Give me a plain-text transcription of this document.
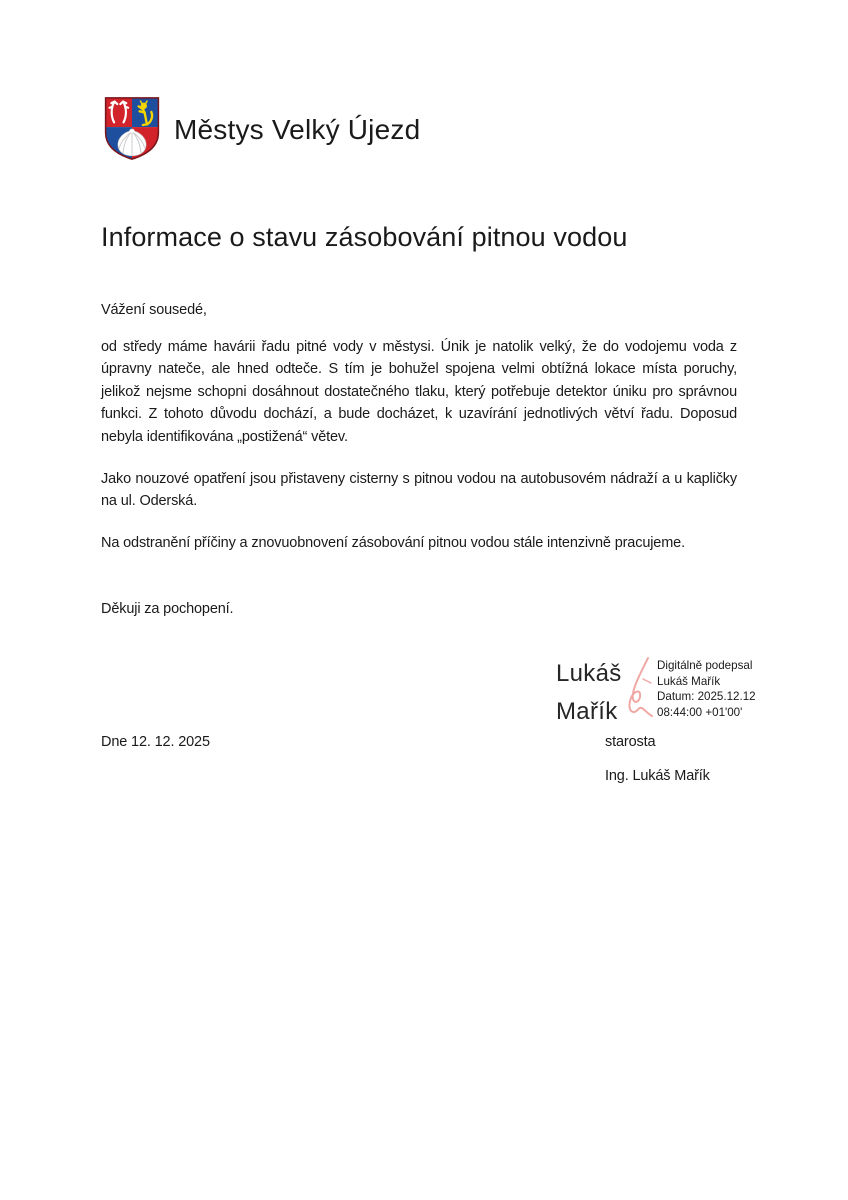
Městys Velký Újezd
Informace o stavu zásobování pitnou vodou

Vážení sousedé,

od středy máme havárii řadu pitné vody v městysi. Únik je natolik velký, že do vodojemu voda z úpravny nateče, ale hned odteče. S tím je bohužel spojena velmi obtížná lokace místa poruchy, jelikož nejsme schopni dosáhnout dostatečného tlaku, který potřebuje detektor úniku pro správnou funkci. Z tohoto důvodu dochází, a bude docházet, k uzavírání jednotlivých větví řadu. Doposud nebyla identifikována „postižená“ větev.

Jako nouzové opatření jsou přistaveny cisterny s pitnou vodou na autobusovém nádraží a u kapličky na ul. Oderská.

Na odstranění příčiny a znovuobnovení zásobování pitnou vodou stále intenzivně pracujeme.

Děkuji za pochopení.

Lukáš
Mařík
Digitálně podepsal
Lukáš Mařík
Datum: 2025.12.12
08:44:00 +01'00'
Dne 12. 12. 2025	starosta
Ing. Lukáš Mařík
